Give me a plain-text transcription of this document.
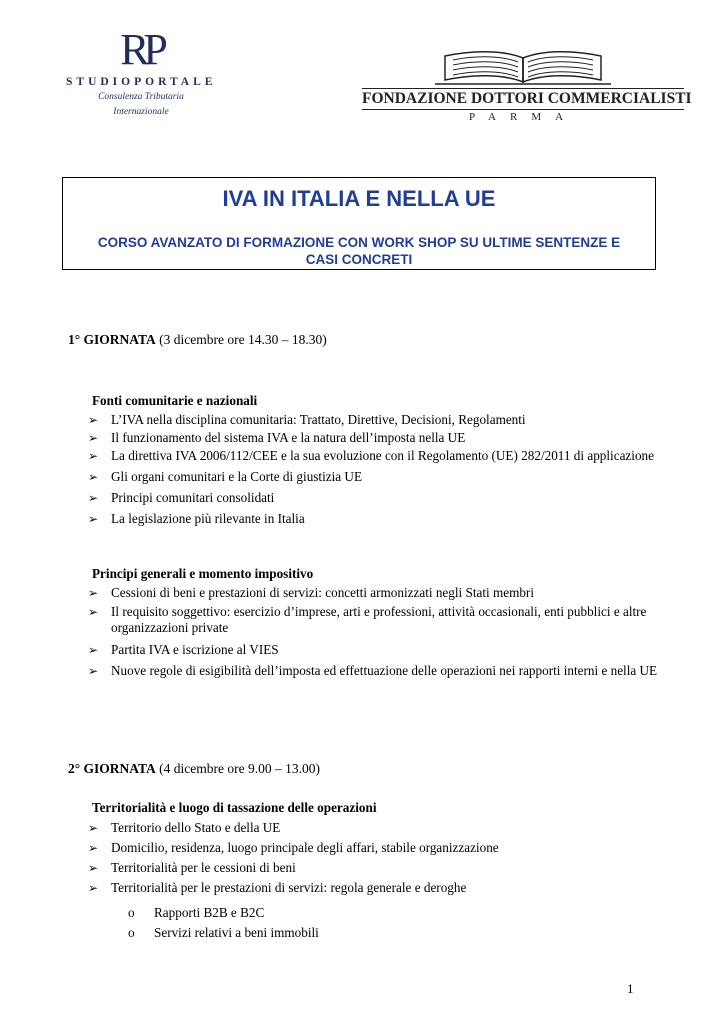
RP
STUDIOPORTALE
Consulenza Tributaria
Internazionale
FONDAZIONE DOTTORI COMMERCIALISTI
PARMA
IVA IN ITALIA E NELLA UE
CORSO AVANZATO DI FORMAZIONE CON WORK SHOP SU ULTIME SENTENZE E CASI CONCRETI
1° GIORNATA (3 dicembre ore 14.30 – 18.30)
Fonti comunitarie e nazionali
➢ L’IVA nella disciplina comunitaria: Trattato, Direttive, Decisioni, Regolamenti
➢ Il funzionamento del sistema IVA e la natura dell’imposta nella UE
➢ La direttiva IVA 2006/112/CEE e la sua evoluzione con il Regolamento (UE) 282/2011 di applicazione
➢ Gli organi comunitari e la Corte di giustizia UE
➢ Principi comunitari consolidati
➢ La legislazione più rilevante in Italia
Principi generali e momento impositivo
➢ Cessioni di beni e prestazioni di servizi: concetti armonizzati negli Stati membri
➢ Il requisito soggettivo: esercizio d’imprese, arti e professioni, attività occasionali, enti pubblici e altre organizzazioni private
➢ Partita IVA e iscrizione al VIES
➢ Nuove regole di esigibilità dell’imposta ed effettuazione delle operazioni nei rapporti interni e nella UE
2° GIORNATA (4 dicembre ore 9.00 – 13.00)
Territorialità e luogo di tassazione delle operazioni
➢ Territorio dello Stato e della UE
➢ Domicilio, residenza, luogo principale degli affari, stabile organizzazione
➢ Territorialità per le cessioni di beni
➢ Territorialità per le prestazioni di servizi: regola generale e deroghe
o Rapporti B2B e B2C
o Servizi relativi a beni immobili
1
